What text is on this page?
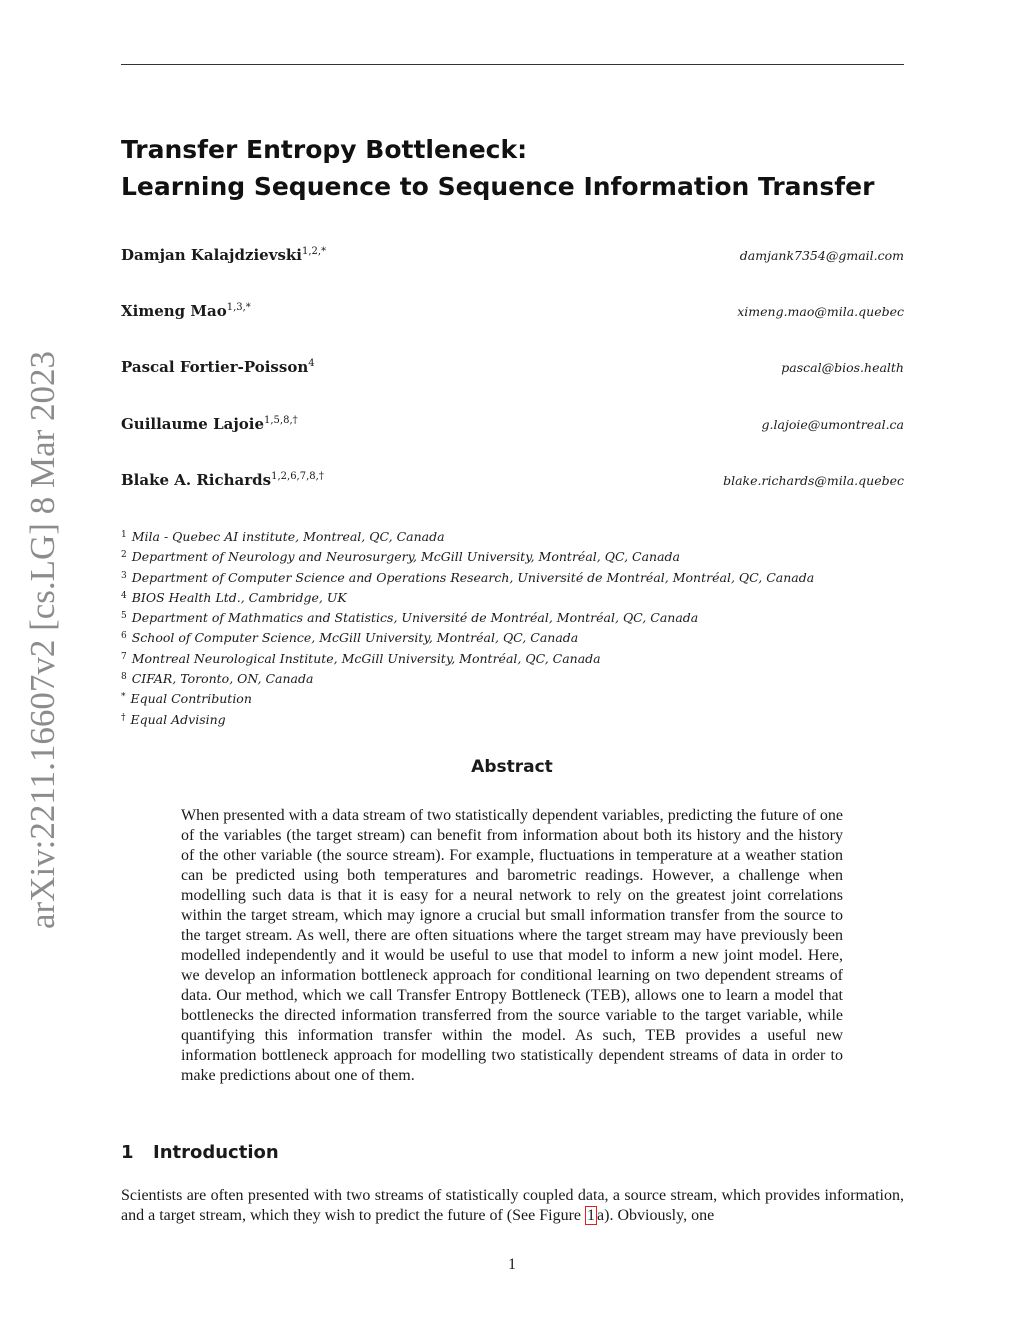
arXiv:2211.16607v2 [cs.LG] 8 Mar 2023
Transfer Entropy Bottleneck:
Learning Sequence to Sequence Information Transfer
Damjan Kalajdzievski$^{1,2,*}$	damjank7354@gmail.com
Ximeng Mao$^{1,3,*}$	ximeng.mao@mila.quebec
Pascal Fortier-Poisson$^4$	pascal@bios.health
Guillaume Lajoie$^{1,5,8,\dagger}$	g.lajoie@umontreal.ca
Blake A. Richards$^{1,2,6,7,8,\dagger}$	blake.richards@mila.quebec
$^1$ Mila - Quebec AI institute, Montreal, QC, Canada
$^2$ Department of Neurology and Neurosurgery, McGill University, Montréal, QC, Canada
$^3$ Department of Computer Science and Operations Research, Université de Montréal, Montréal, QC, Canada
$^4$ BIOS Health Ltd., Cambridge, UK
$^5$ Department of Mathmatics and Statistics, Université de Montréal, Montréal, QC, Canada
$^6$ School of Computer Science, McGill University, Montréal, QC, Canada
$^7$ Montreal Neurological Institute, McGill University, Montréal, QC, Canada
$^8$ CIFAR, Toronto, ON, Canada
* Equal Contribution
† Equal Advising
Abstract
When presented with a data stream of two statistically dependent variables, predicting the future of one of the variables (the target stream) can benefit from information about both its history and the history of the other variable (the source stream). For example, fluctuations in temperature at a weather station can be predicted using both temperatures and barometric readings. However, a challenge when modelling such data is that it is easy for a neural network to rely on the greatest joint correlations within the target stream, which may ignore a crucial but small information transfer from the source to the target stream. As well, there are often situations where the target stream may have previously been modelled independently and it would be useful to use that model to inform a new joint model. Here, we develop an information bottleneck approach for conditional learning on two dependent streams of data. Our method, which we call Transfer Entropy Bottleneck (TEB), allows one to learn a model that bottlenecks the directed information transferred from the source variable to the target variable, while quantifying this information transfer within the model. As such, TEB provides a useful new information bottleneck approach for modelling two statistically dependent streams of data in order to make predictions about one of them.
1 Introduction
Scientists are often presented with two streams of statistically coupled data, a source stream, which provides information, and a target stream, which they wish to predict the future of (See Figure 1 a). Obviously, one
1
